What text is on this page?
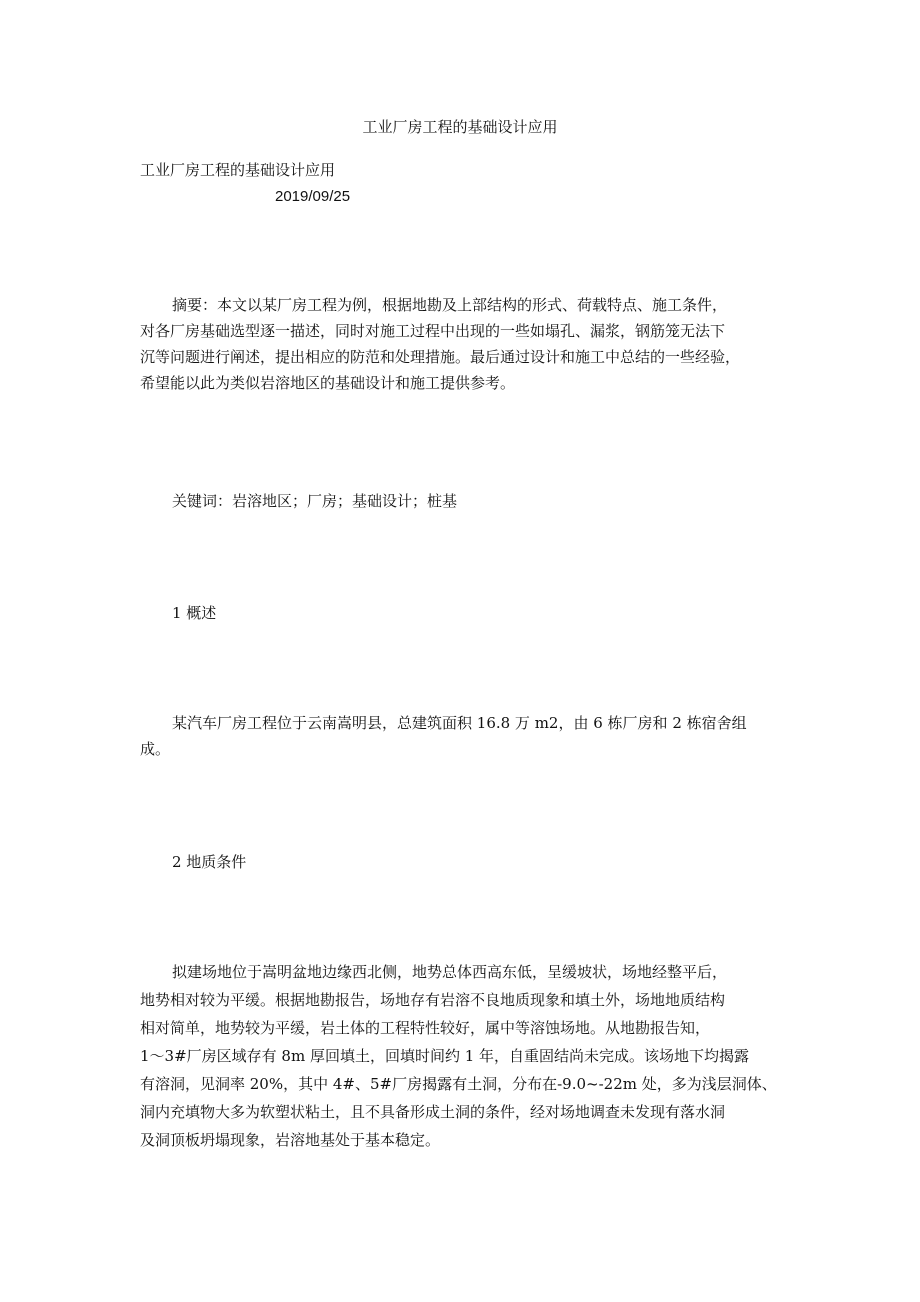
工业厂房工程的基础设计应用
工业厂房工程的基础设计应用
2019/09/25
摘要：本文以某厂房工程为例，根据地勘及上部结构的形式、荷载特点、施工条件，
对各厂房基础选型逐一描述，同时对施工过程中出现的一些如塌孔、漏浆，钢筋笼无法下
沉等问题进行阐述，提出相应的防范和处理措施。最后通过设计和施工中总结的一些经验，
希望能以此为类似岩溶地区的基础设计和施工提供参考。
关键词：岩溶地区；厂房；基础设计；桩基
1 概述
某汽车厂房工程位于云南嵩明县，总建筑面积 16.8 万 m2，由 6 栋厂房和 2 栋宿舍组
成。
2 地质条件
拟建场地位于嵩明盆地边缘西北侧，地势总体西高东低，呈缓坡状，场地经整平后，
地势相对较为平缓。根据地勘报告，场地存有岩溶不良地质现象和填土外，场地地质结构
相对简单，地势较为平缓，岩土体的工程特性较好，属中等溶蚀场地。从地勘报告知，
1～3#厂房区域存有 8m 厚回填土，回填时间约 1 年，自重固结尚未完成。该场地下均揭露
有溶洞，见洞率 20%，其中 4#、5#厂房揭露有土洞，分布在-9.0~-22m 处，多为浅层洞体、
洞内充填物大多为软塑状粘土，且不具备形成土洞的条件，经对场地调查未发现有落水洞
及洞顶板坍塌现象，岩溶地基处于基本稳定。
